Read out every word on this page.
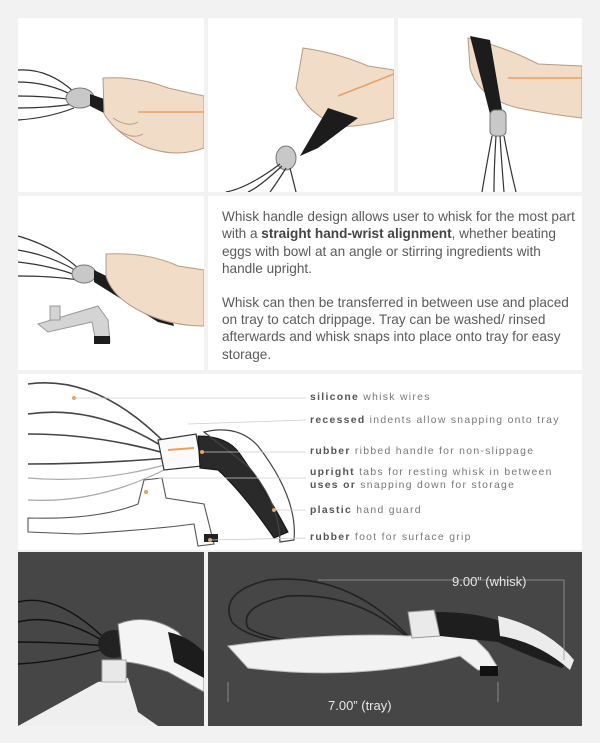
Whisk handle design allows user to whisk for the most part with a straight hand-wrist alignment, whether beating eggs with bowl at an angle or stirring ingredients with handle upright.

Whisk can then be transferred in between use and placed on tray to catch drippage. Tray can be washed/ rinsed afterwards and whisk snaps into place onto tray for easy storage.

silicone whisk wires
recessed indents allow snapping onto tray
rubber ribbed handle for non-slippage
upright tabs for resting whisk in between
uses or snapping down for storage
plastic hand guard
rubber foot for surface grip
9.00” (whisk)
7.00” (tray)
